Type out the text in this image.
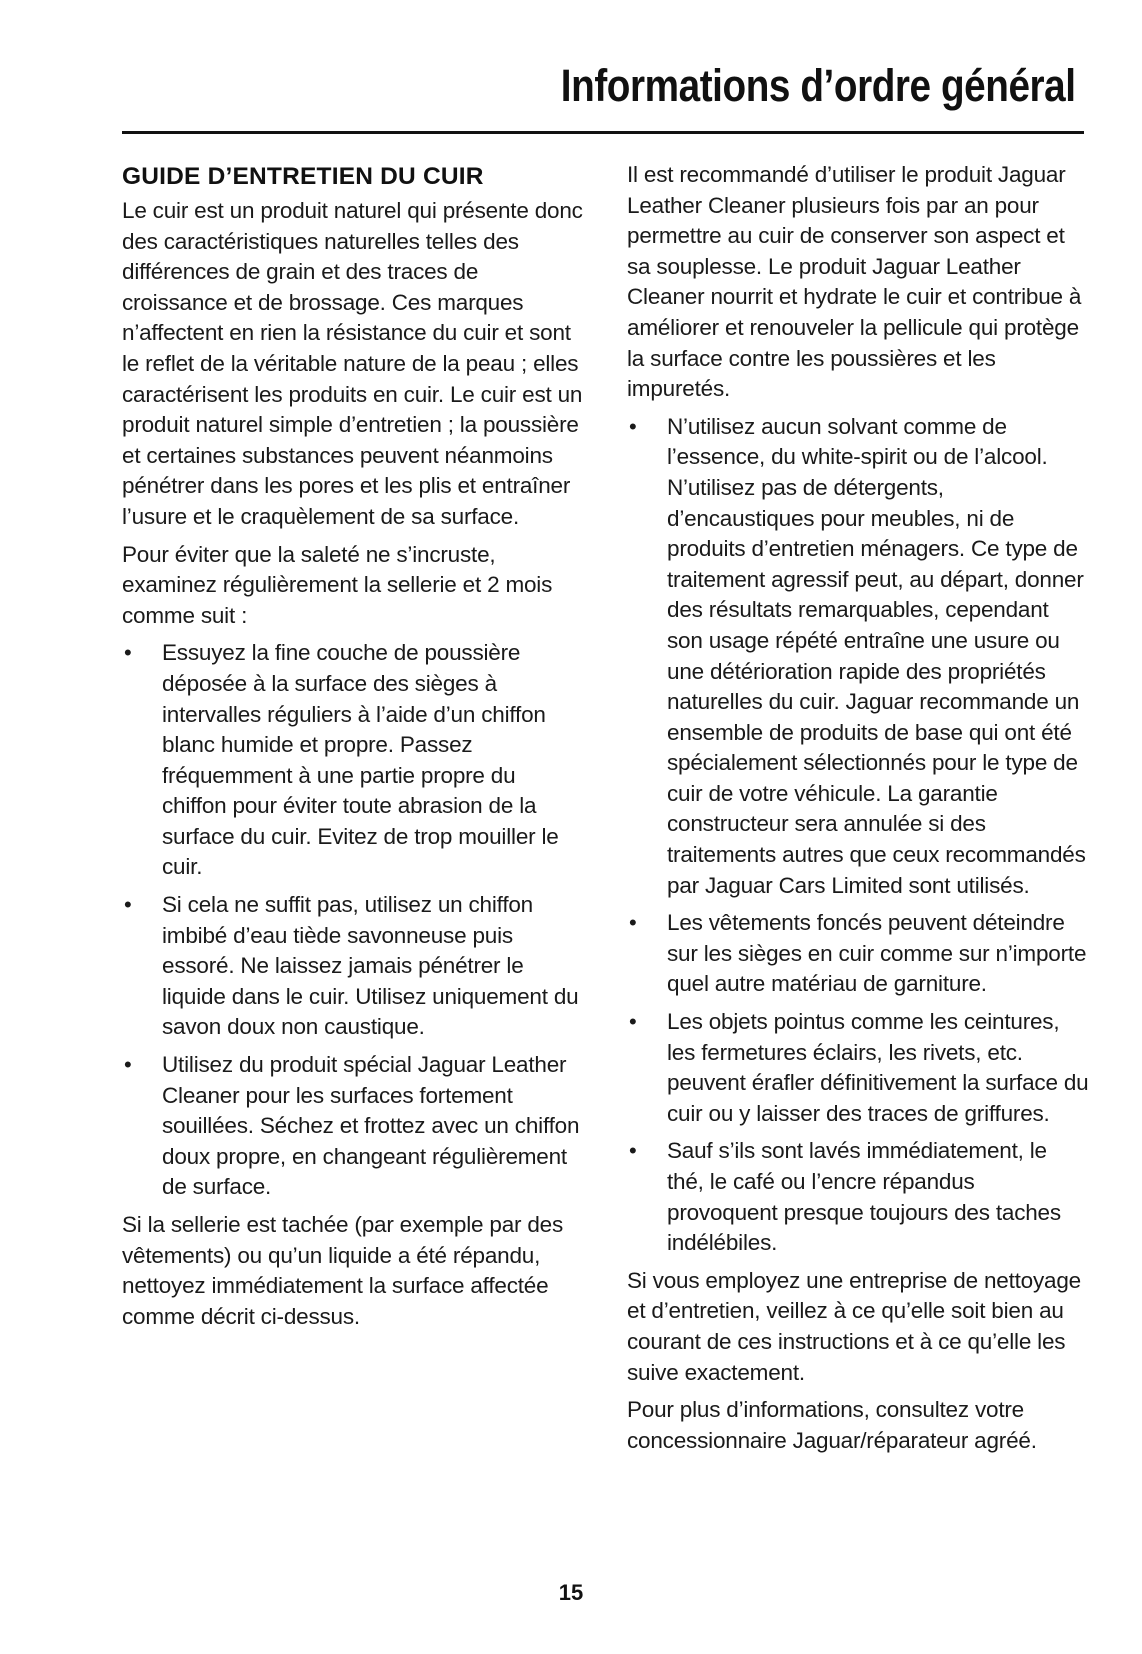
Informations d’ordre général
GUIDE D’ENTRETIEN DU CUIR

Le cuir est un produit naturel qui présente donc des caractéristiques naturelles telles des différences de grain et des traces de croissance et de brossage. Ces marques n’affectent en rien la résistance du cuir et sont le reflet de la véritable nature de la peau ; elles caractérisent les produits en cuir. Le cuir est un produit naturel simple d’entretien ; la poussière et certaines substances peuvent néanmoins pénétrer dans les pores et les plis et entraîner l’usure et le craquèlement de sa surface.

Pour éviter que la saleté ne s’incruste, examinez régulièrement la sellerie et 2 mois comme suit :

•	Essuyez la fine couche de poussière déposée à la surface des sièges à intervalles réguliers à l’aide d’un chiffon blanc humide et propre. Passez fréquemment à une partie propre du chiffon pour éviter toute abrasion de la surface du cuir. Evitez de trop mouiller le cuir.
•	Si cela ne suffit pas, utilisez un chiffon imbibé d’eau tiède savonneuse puis essoré. Ne laissez jamais pénétrer le liquide dans le cuir. Utilisez uniquement du savon doux non caustique.
•	Utilisez du produit spécial Jaguar Leather Cleaner pour les surfaces fortement souillées. Séchez et frottez avec un chiffon doux propre, en changeant régulièrement de surface.

Si la sellerie est tachée (par exemple par des vêtements) ou qu’un liquide a été répandu, nettoyez immédiatement la surface affectée comme décrit ci-dessus.

Il est recommandé d’utiliser le produit Jaguar Leather Cleaner plusieurs fois par an pour permettre au cuir de conserver son aspect et sa souplesse. Le produit Jaguar Leather Cleaner nourrit et hydrate le cuir et contribue à améliorer et renouveler la pellicule qui protège la surface contre les poussières et les impuretés.

•	N’utilisez aucun solvant comme de l’essence, du white-spirit ou de l’alcool. N’utilisez pas de détergents, d’encaustiques pour meubles, ni de produits d’entretien ménagers. Ce type de traitement agressif peut, au départ, donner des résultats remarquables, cependant son usage répété entraîne une usure ou une détérioration rapide des propriétés naturelles du cuir. Jaguar recommande un ensemble de produits de base qui ont été spécialement sélectionnés pour le type de cuir de votre véhicule. La garantie constructeur sera annulée si des traitements autres que ceux recommandés par Jaguar Cars Limited sont utilisés.
•	Les vêtements foncés peuvent déteindre sur les sièges en cuir comme sur n’importe quel autre matériau de garniture.
•	Les objets pointus comme les ceintures, les fermetures éclairs, les rivets, etc. peuvent érafler définitivement la surface du cuir ou y laisser des traces de griffures.
•	Sauf s’ils sont lavés immédiatement, le thé, le café ou l’encre répandus provoquent presque toujours des taches indélébiles.

Si vous employez une entreprise de nettoyage et d’entretien, veillez à ce qu’elle soit bien au courant de ces instructions et à ce qu’elle les suive exactement.

Pour plus d’informations, consultez votre concessionnaire Jaguar/réparateur agréé.

15
